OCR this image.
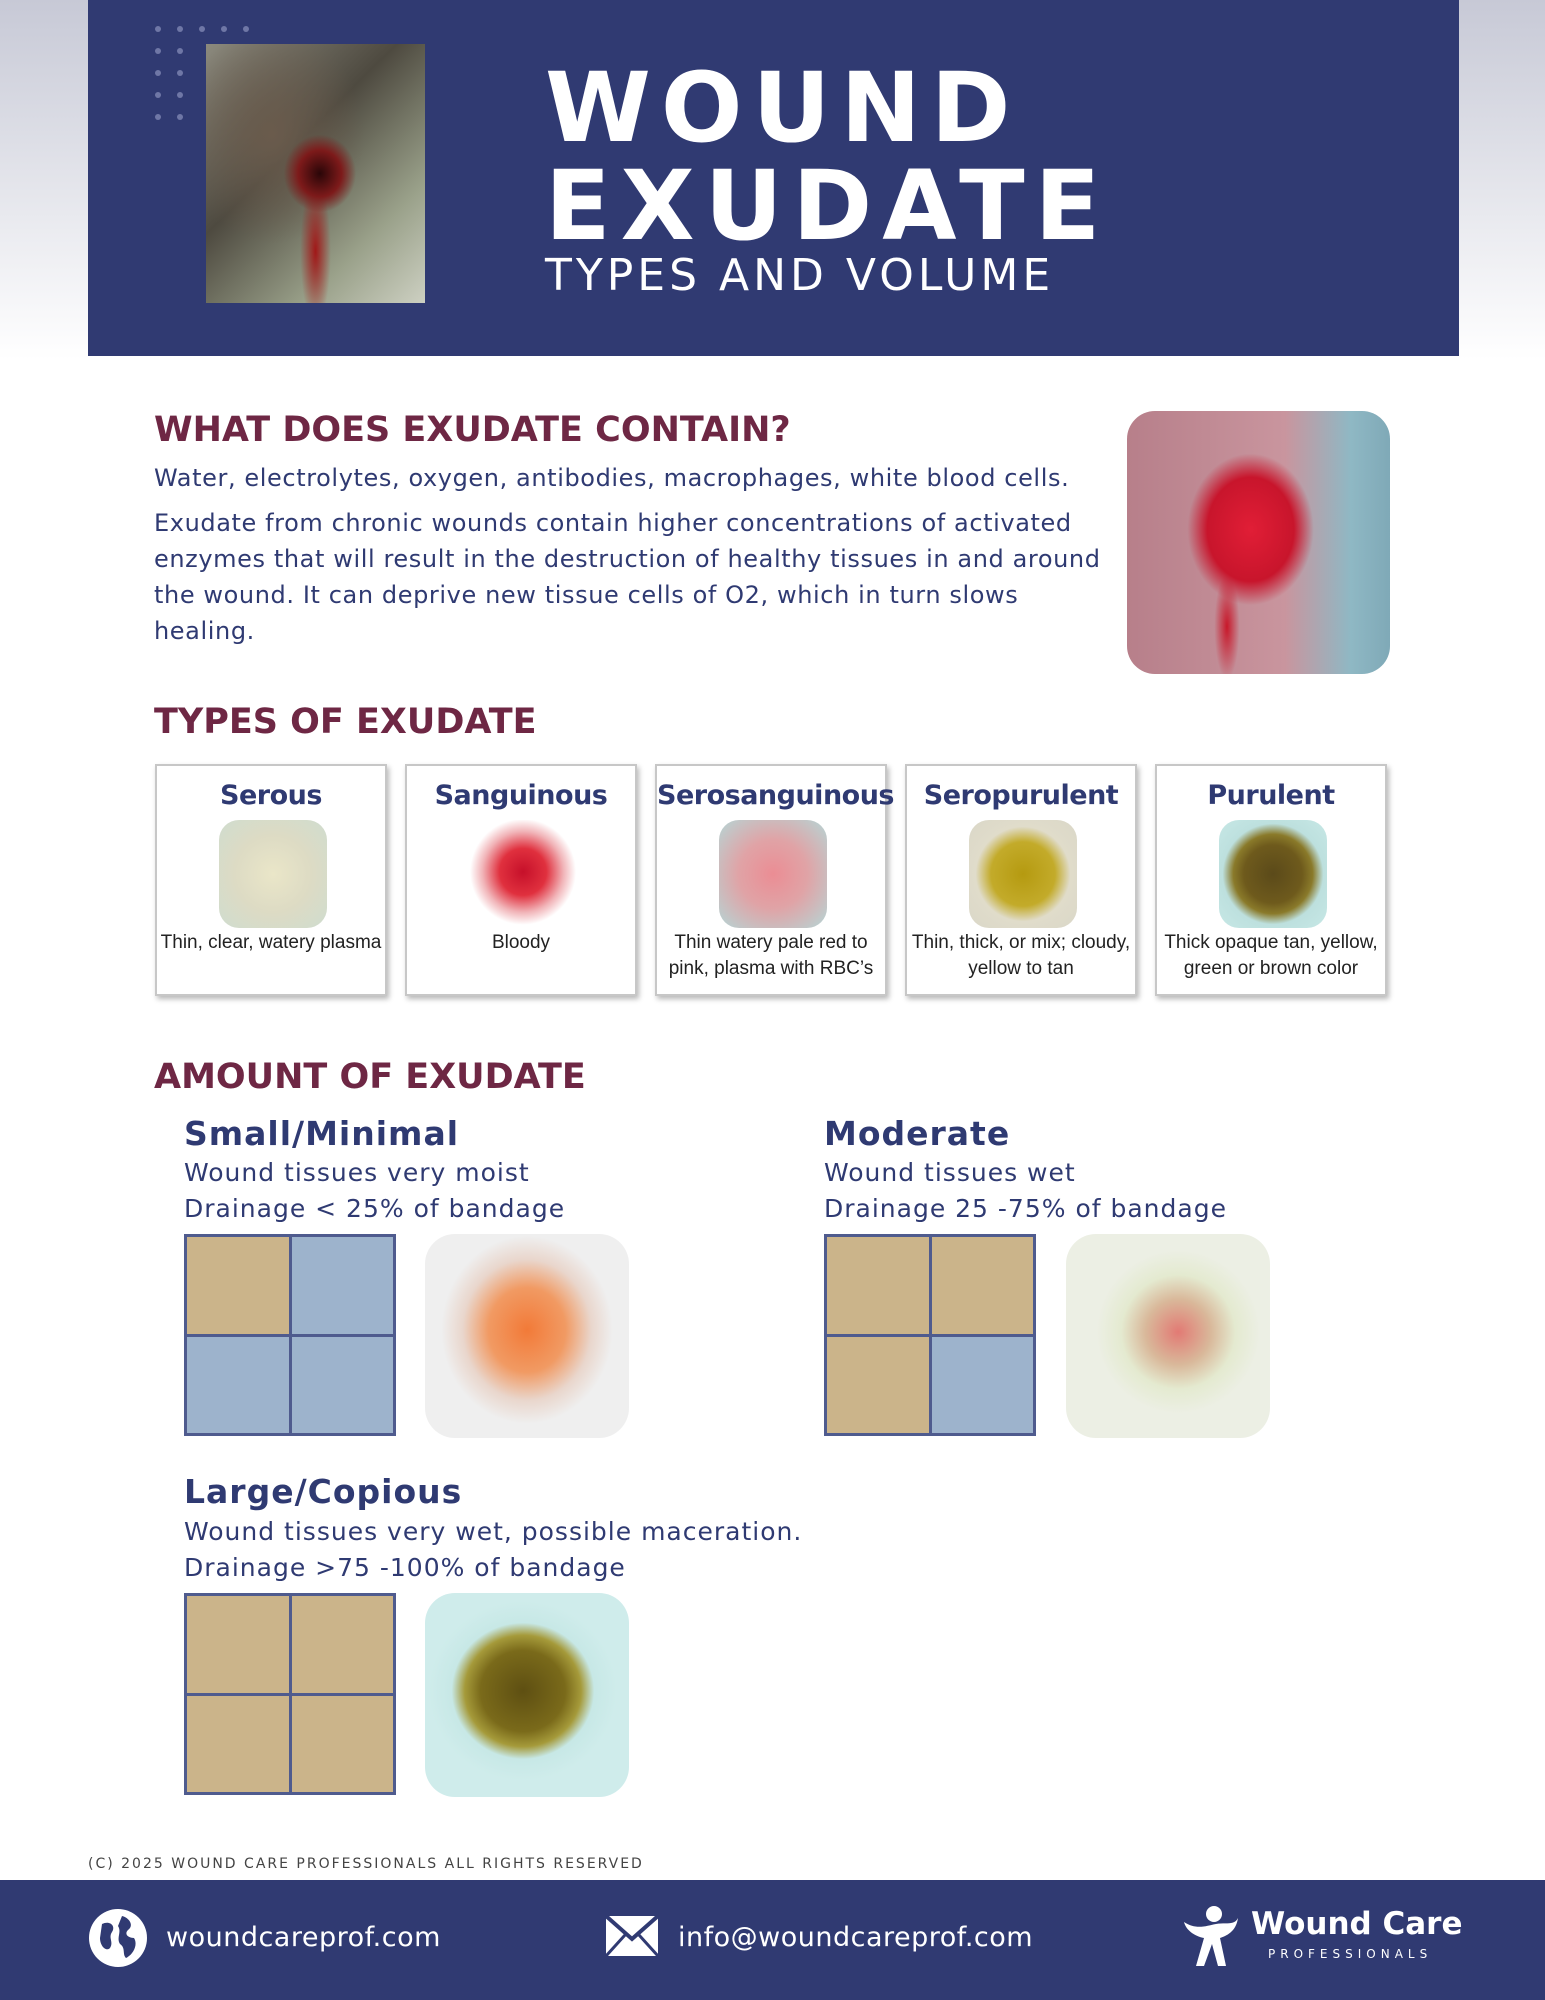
WOUND
EXUDATE

TYPES AND VOLUME

WHAT DOES EXUDATE CONTAIN?

Water, electrolytes, oxygen, antibodies, macrophages, white blood cells.

Exudate from chronic wounds contain higher concentrations of activated enzymes that will result in the destruction of healthy tissues in and around the wound. It can deprive new tissue cells of O2, which in turn slows healing.

TYPES OF EXUDATE

Serous

Thin, clear, watery plasma

Sanguinous

Bloody

Serosanguinous

Thin watery pale red to pink, plasma with RBC’s

Seropurulent

Thin, thick, or mix; cloudy, yellow to tan

Purulent

Thick opaque tan, yellow, green or brown color

AMOUNT OF EXUDATE
Small/Minimal

Wound tissues very moist

Drainage < 25% of bandage

Moderate

Wound tissues wet

Drainage 25 -75% of bandage

Large/Copious

Wound tissues very wet, possible maceration.

Drainage >75 -100% of bandage

(C) 2025 WOUND CARE PROFESSIONALS ALL RIGHTS RESERVED

woundcareprof.com	info@woundcareprof.com	Wound Care

PROFESSIONALS
